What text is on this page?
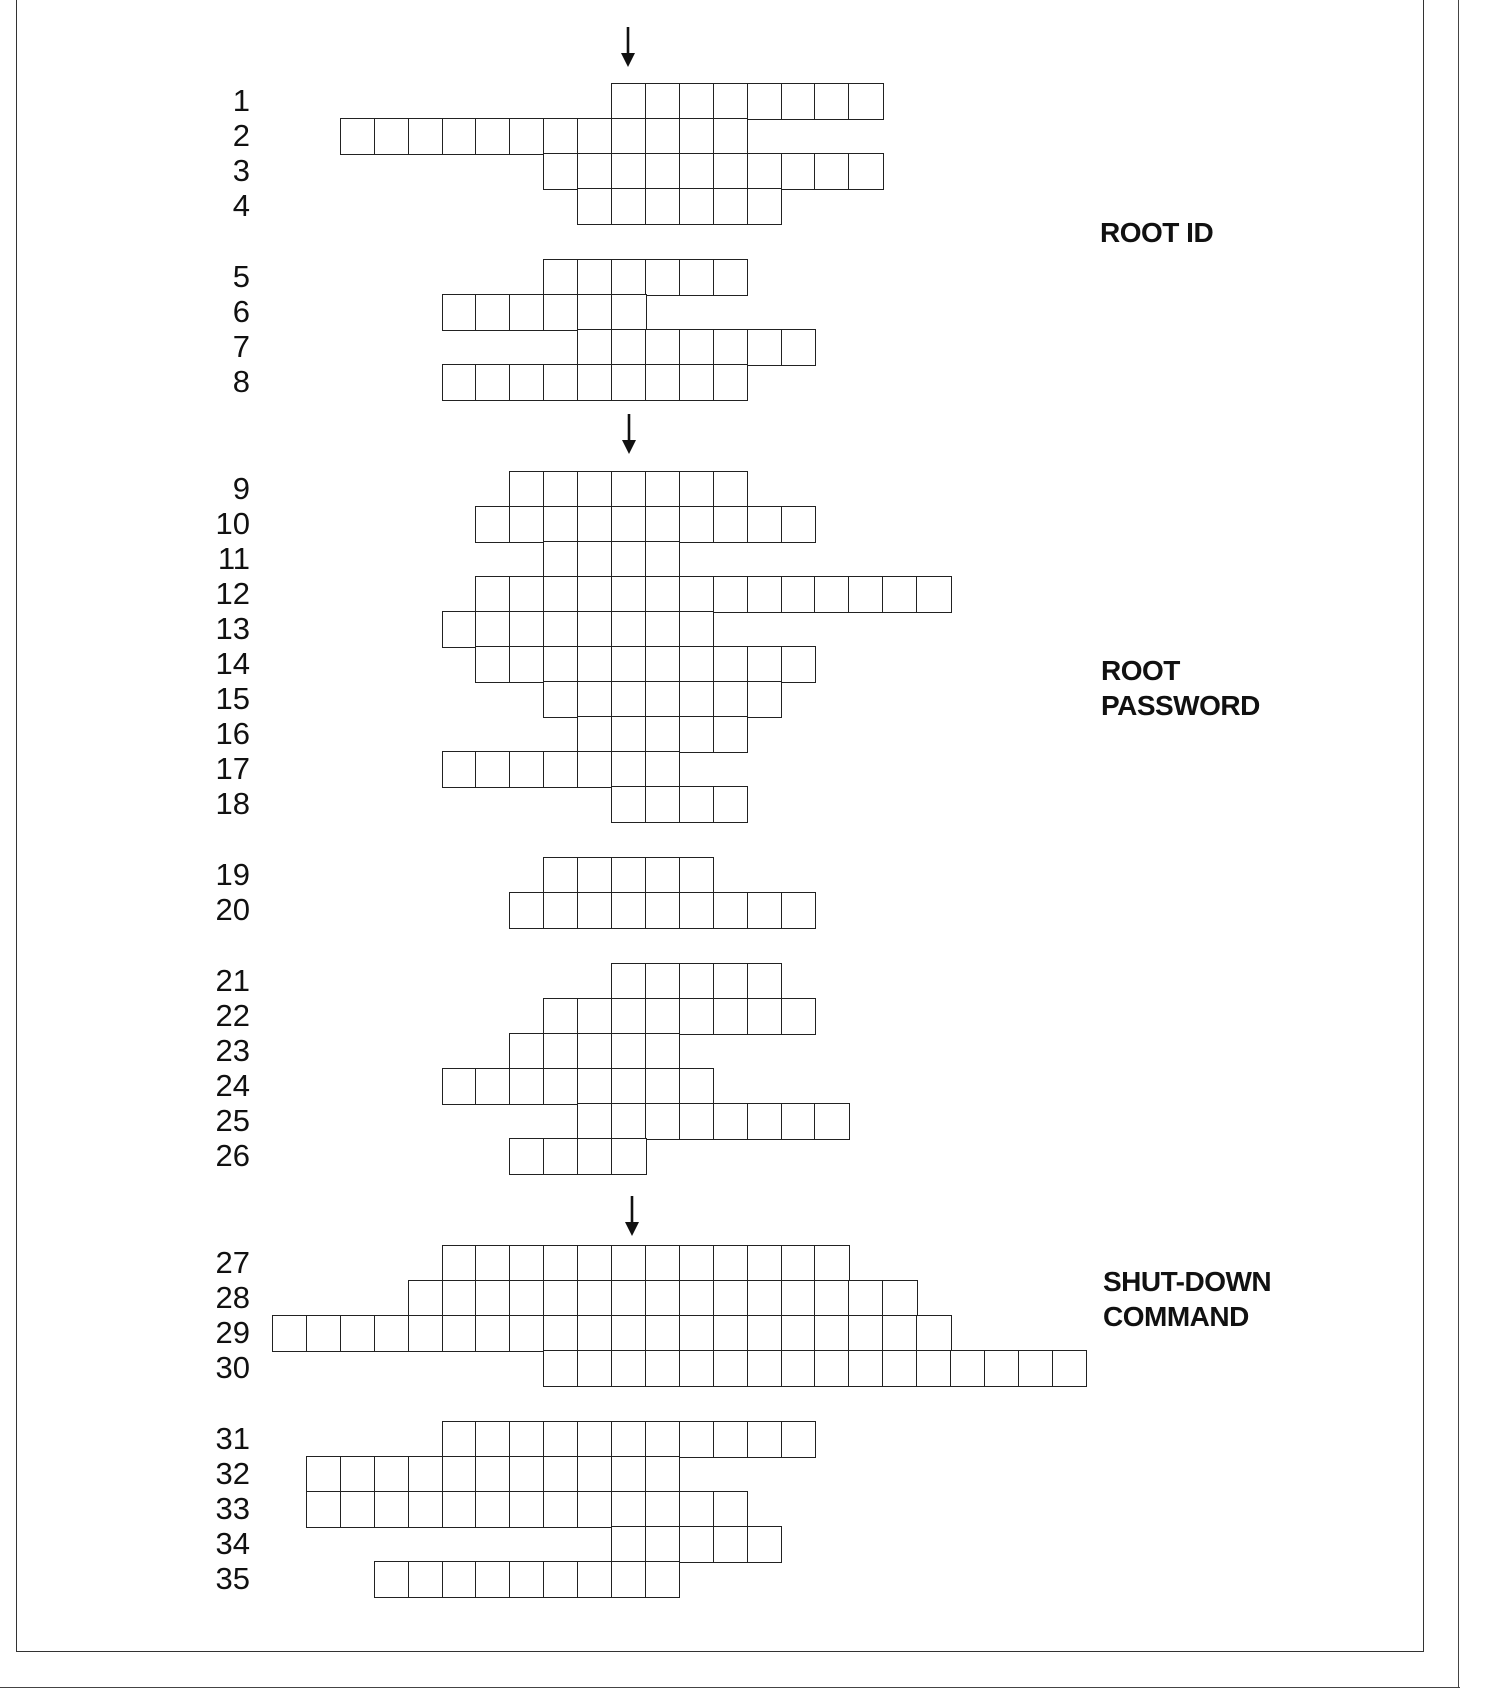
1
2
3
4
5
6
7
8
9
10
11
12
13
14
15
16
17
18
19
20
21
22
23
24
25
26
27
28
29
30
31
32
33
34
35
ROOT ID
ROOT
PASSWORD
SHUT-DOWN
COMMAND
